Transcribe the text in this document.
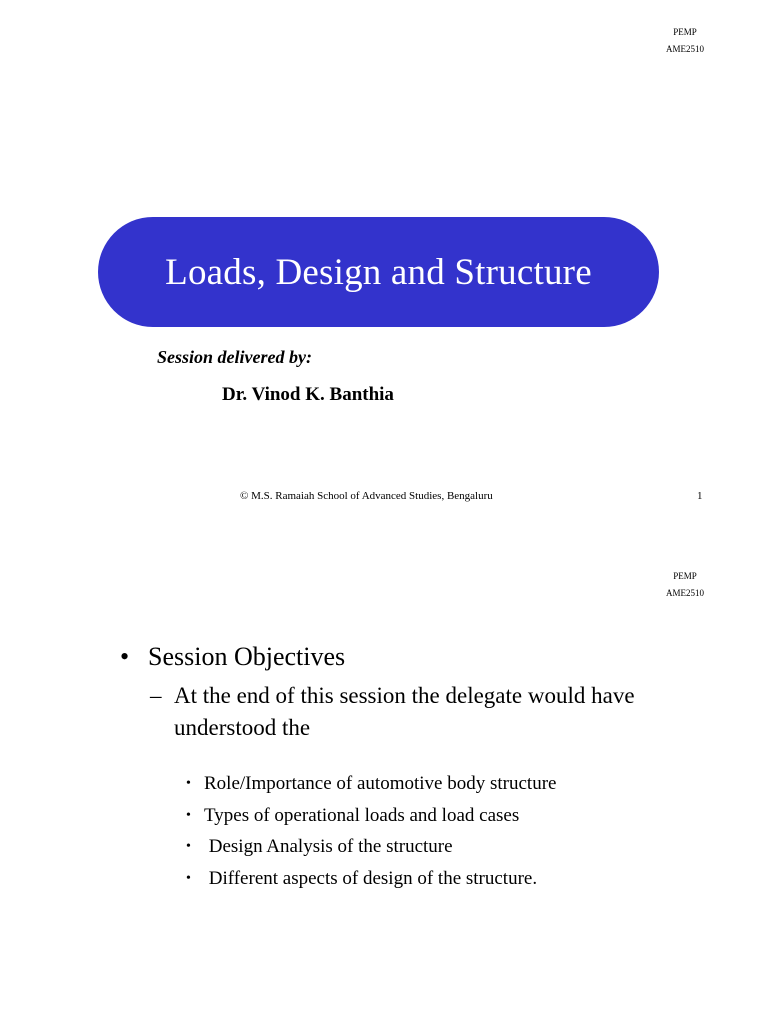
PEMP
AME2510
Loads, Design and Structure
Session delivered by:
Dr. Vinod K. Banthia
© M.S. Ramaiah School of Advanced Studies, Bengaluru	1
PEMP
AME2510
• Session Objectives
– At the end of this session the delegate would have understood the
• Role/Importance of automotive body structure
• Types of operational loads and load cases
• Design Analysis of the structure
• Different aspects of design of the structure.
